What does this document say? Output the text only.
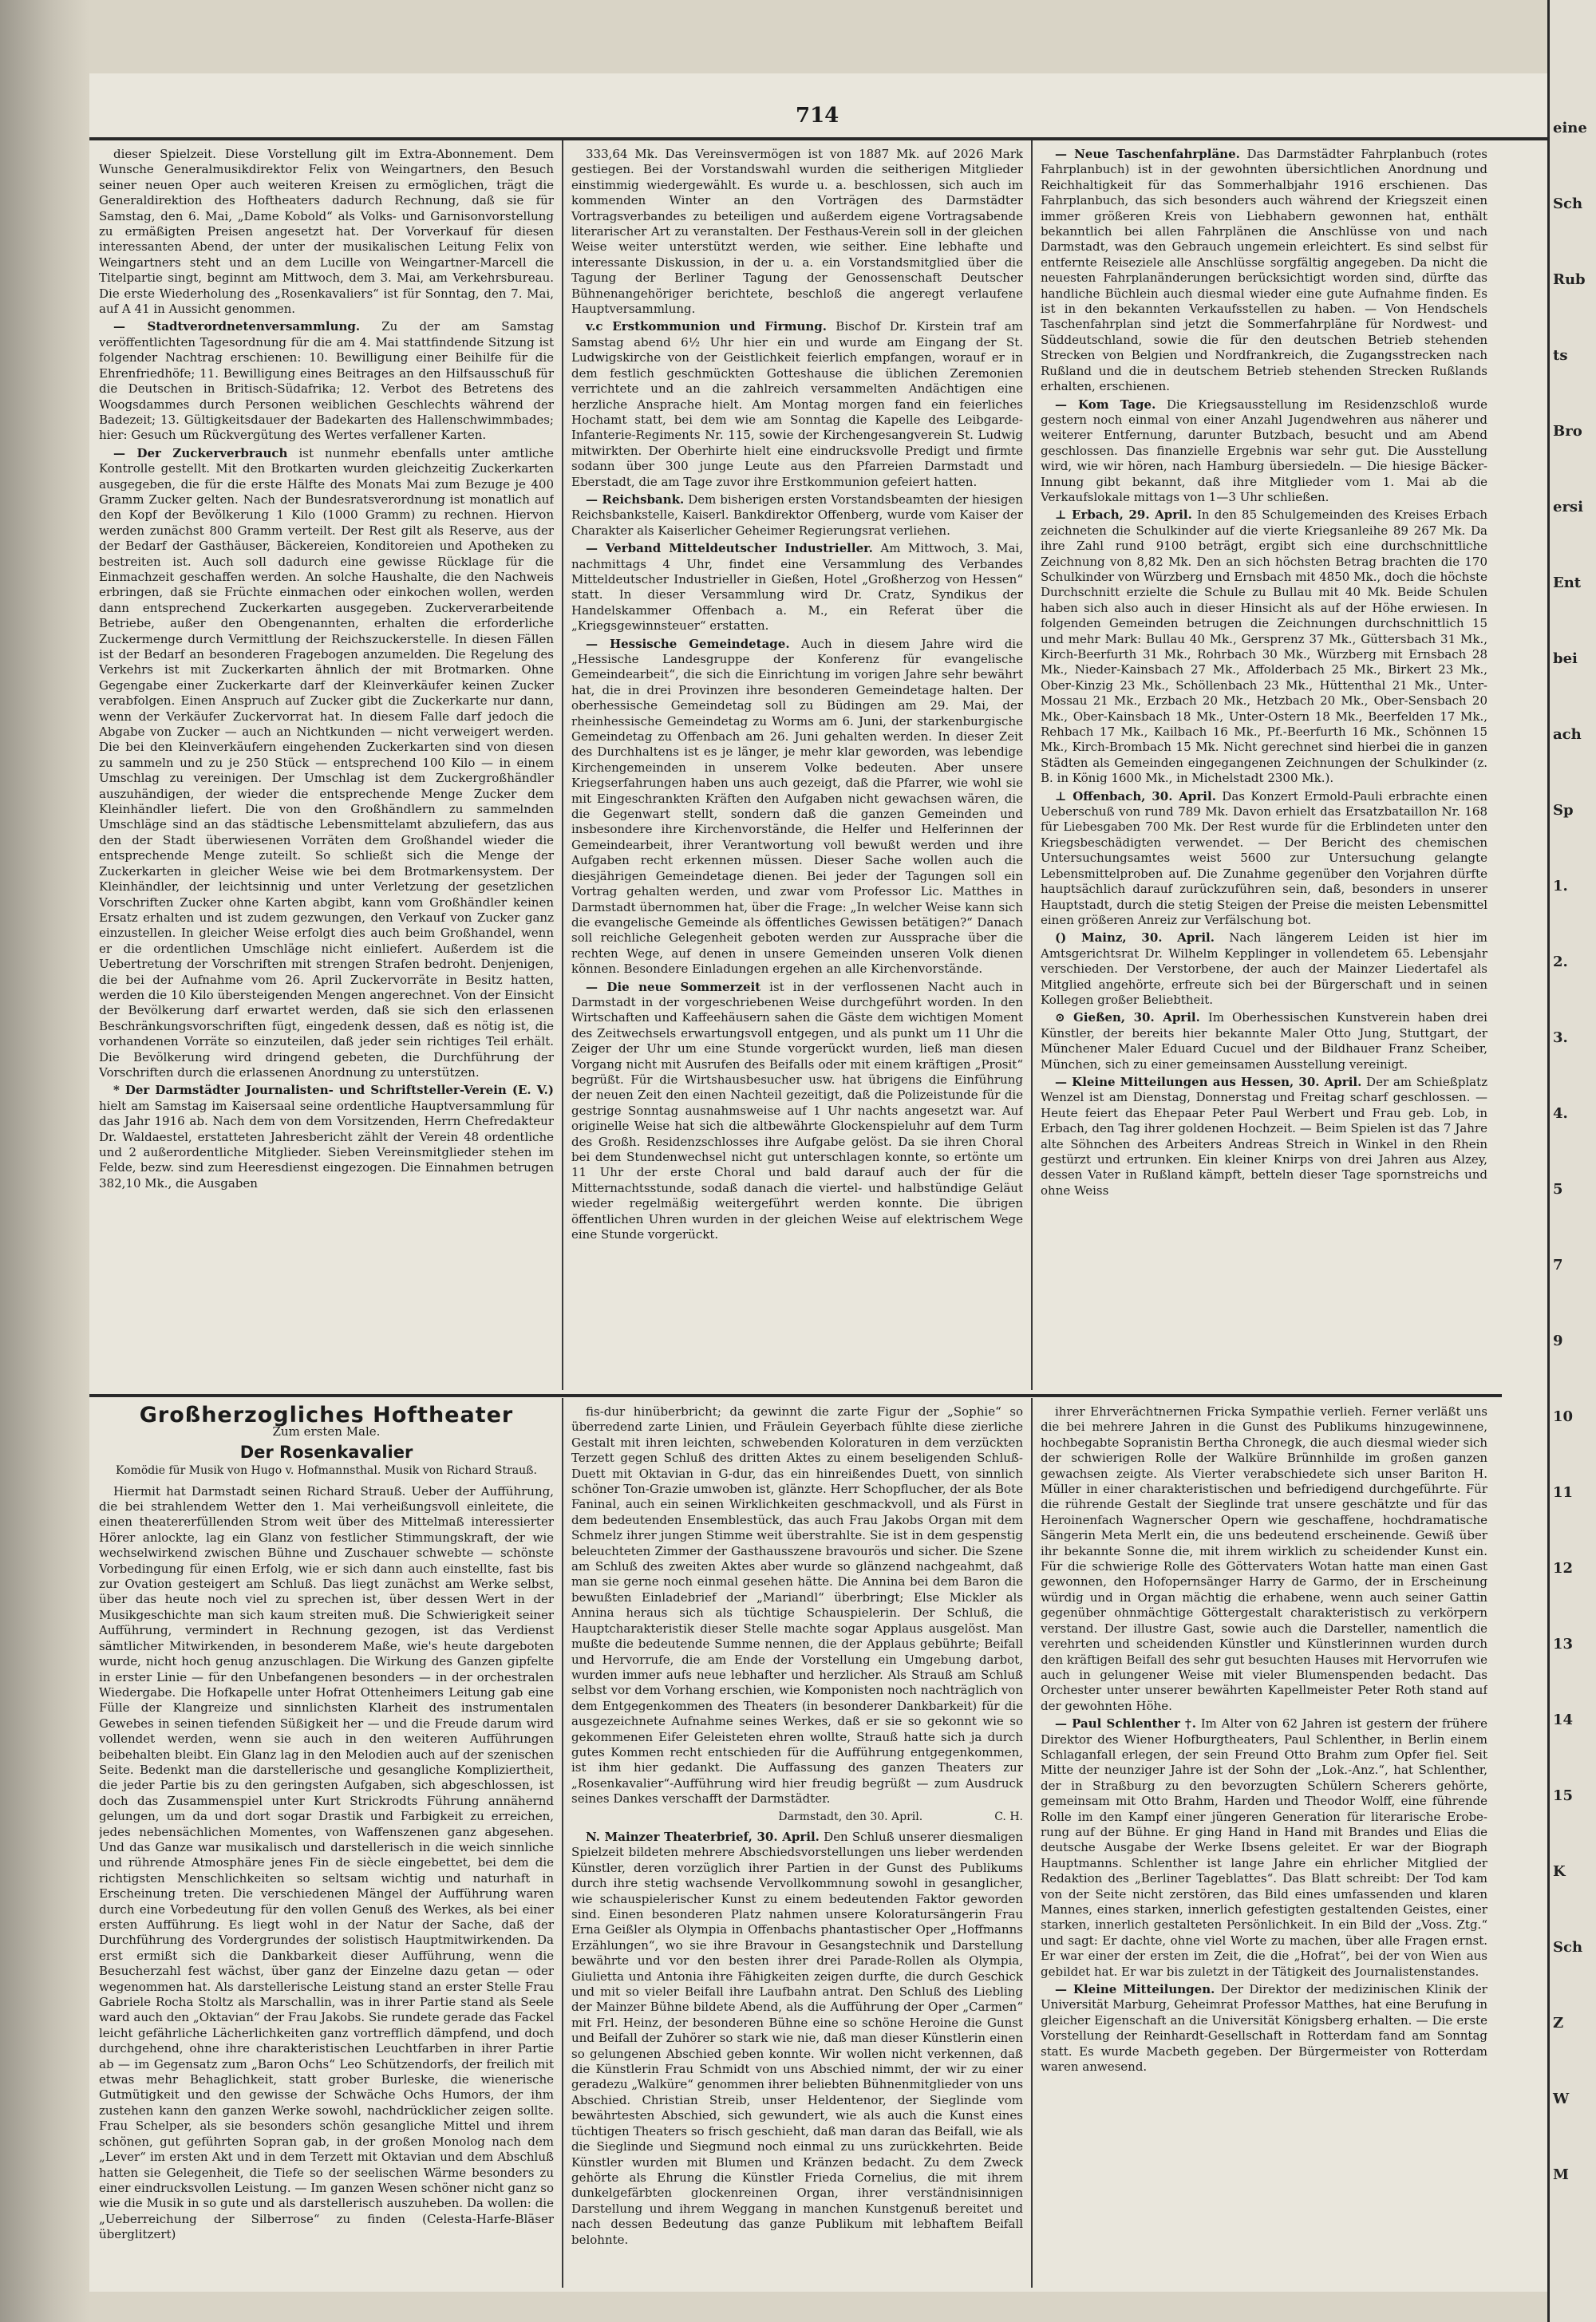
714

dieser Spielzeit. Diese Vorstellung gilt im Extra-Abonnement. Dem Wunsche Generalmusikdirektor Felix von Weingartners, den Besuch seiner neuen Oper auch weiteren Kreisen zu ermöglichen, trägt die Generaldirektion des Hoftheaters dadurch Rechnung, daß sie für Samstag, den 6. Mai, „Dame Kobold“ als Volks- und Garnisonvorstellung zu ermäßigten Preisen angesetzt hat. Der Vorverkauf für diesen interessanten Abend, der unter der musikalischen Leitung Felix von Weingartners steht und an dem Lucille von Weingartner-Marcell die Titelpartie singt, beginnt am Mittwoch, dem 3. Mai, am Verkehrsbureau. Die erste Wiederholung des „Rosenkavaliers“ ist für Sonntag, den 7. Mai, auf A 41 in Aussicht genommen.

— Stadtverordnetenversammlung. Zu der am Samstag veröffentlichten Tagesordnung für die am 4. Mai stattfindende Sitzung ist folgender Nachtrag erschienen: 10. Bewilligung einer Beihilfe für die Ehrenfriedhöfe; 11. Bewilligung eines Beitrages an den Hilfsausschuß für die Deutschen in Britisch-Südafrika; 12. Verbot des Betretens des Woogsdammes durch Personen weiblichen Geschlechts während der Badezeit; 13. Gültigkeitsdauer der Badekarten des Hallenschwimmbades; hier: Gesuch um Rückvergütung des Wertes verfallener Karten.

— Der Zuckerverbrauch ist nunmehr ebenfalls unter amtliche Kontrolle gestellt. Mit den Brotkarten wurden gleichzeitig Zuckerkarten ausgegeben, die für die erste Hälfte des Monats Mai zum Bezuge je 400 Gramm Zucker gelten. Nach der Bundesratsverordnung ist monatlich auf den Kopf der Bevölkerung 1 Kilo (1000 Gramm) zu rechnen. Hiervon werden zunächst 800 Gramm verteilt. Der Rest gilt als Reserve, aus der der Bedarf der Gasthäuser, Bäckereien, Konditoreien und Apotheken zu bestreiten ist. Auch soll dadurch eine gewisse Rücklage für die Einmachzeit geschaffen werden. An solche Haushalte, die den Nachweis erbringen, daß sie Früchte einmachen oder einkochen wollen, werden dann entsprechend Zuckerkarten ausgegeben. Zuckerverarbeitende Betriebe, außer den Obengenannten, erhalten die erforderliche Zuckermenge durch Vermittlung der Reichszuckerstelle. In diesen Fällen ist der Bedarf an besonderen Fragebogen anzumelden. Die Regelung des Verkehrs ist mit Zuckerkarten ähnlich der mit Brotmarken. Ohne Gegengabe einer Zuckerkarte darf der Kleinverkäufer keinen Zucker verabfolgen. Einen Anspruch auf Zucker gibt die Zuckerkarte nur dann, wenn der Verkäufer Zuckervorrat hat. In diesem Falle darf jedoch die Abgabe von Zucker — auch an Nichtkunden — nicht verweigert werden. Die bei den Kleinverkäufern eingehenden Zuckerkarten sind von diesen zu sammeln und zu je 250 Stück — entsprechend 100 Kilo — in einem Umschlag zu vereinigen. Der Umschlag ist dem Zuckergroßhändler auszuhändigen, der wieder die entsprechende Menge Zucker dem Kleinhändler liefert. Die von den Großhändlern zu sammelnden Umschläge sind an das städtische Lebensmittelamt abzuliefern, das aus den der Stadt überwiesenen Vorräten dem Großhandel wieder die entsprechende Menge zuteilt. So schließt sich die Menge der Zuckerkarten in gleicher Weise wie bei dem Brotmarkensystem. Der Kleinhändler, der leichtsinnig und unter Verletzung der gesetzlichen Vorschriften Zucker ohne Karten abgibt, kann vom Großhändler keinen Ersatz erhalten und ist zudem gezwungen, den Verkauf von Zucker ganz einzustellen. In gleicher Weise erfolgt dies auch beim Großhandel, wenn er die ordentlichen Umschläge nicht einliefert. Außerdem ist die Uebertretung der Vorschriften mit strengen Strafen bedroht. Denjenigen, die bei der Aufnahme vom 26. April Zuckervorräte in Besitz hatten, werden die 10 Kilo übersteigenden Mengen angerechnet. Von der Einsicht der Bevölkerung darf erwartet werden, daß sie sich den erlassenen Beschränkungsvorschriften fügt, eingedenk dessen, daß es nötig ist, die vorhandenen Vorräte so einzuteilen, daß jeder sein richtiges Teil erhält. Die Bevölkerung wird dringend gebeten, die Durchführung der Vorschriften durch die erlassenen Anordnung zu unterstützen.

* Der Darmstädter Journalisten- und Schriftsteller-Verein (E. V.) hielt am Samstag im Kaisersaal seine ordentliche Hauptversammlung für das Jahr 1916 ab. Nach dem von dem Vorsitzenden, Herrn Chefredakteur Dr. Waldaestel, erstatteten Jahresbericht zählt der Verein 48 ordentliche und 2 außerordentliche Mitglieder. Sieben Vereinsmitglieder stehen im Felde, bezw. sind zum Heeresdienst eingezogen. Die Einnahmen betrugen 382,10 Mk., die Ausgaben

333,64 Mk. Das Vereinsvermögen ist von 1887 Mk. auf 2026 Mark gestiegen. Bei der Vorstandswahl wurden die seitherigen Mitglieder einstimmig wiedergewählt. Es wurde u. a. beschlossen, sich auch im kommenden Winter an den Vorträgen des Darmstädter Vortragsverbandes zu beteiligen und außerdem eigene Vortragsabende literarischer Art zu veranstalten. Der Festhaus-Verein soll in der gleichen Weise weiter unterstützt werden, wie seither. Eine lebhafte und interessante Diskussion, in der u. a. ein Vorstandsmitglied über die Tagung der Berliner Tagung der Genossenschaft Deutscher Bühnenangehöriger berichtete, beschloß die angeregt verlaufene Hauptversammlung.

v.c Erstkommunion und Firmung. Bischof Dr. Kirstein traf am Samstag abend 6½ Uhr hier ein und wurde am Eingang der St. Ludwigskirche von der Geistlichkeit feierlich empfangen, worauf er in dem festlich geschmückten Gotteshause die üblichen Zeremonien verrichtete und an die zahlreich versammelten Andächtigen eine herzliche Ansprache hielt. Am Montag morgen fand ein feierliches Hochamt statt, bei dem wie am Sonntag die Kapelle des Leibgarde-Infanterie-Regiments Nr. 115, sowie der Kirchengesangverein St. Ludwig mitwirkten. Der Oberhirte hielt eine eindrucksvolle Predigt und firmte sodann über 300 junge Leute aus den Pfarreien Darmstadt und Eberstadt, die am Tage zuvor ihre Erstkommunion gefeiert hatten.

— Reichsbank. Dem bisherigen ersten Vorstandsbeamten der hiesigen Reichsbankstelle, Kaiserl. Bankdirektor Offenberg, wurde vom Kaiser der Charakter als Kaiserlicher Geheimer Regierungsrat verliehen.

— Verband Mitteldeutscher Industrieller. Am Mittwoch, 3. Mai, nachmittags 4 Uhr, findet eine Versammlung des Verbandes Mitteldeutscher Industrieller in Gießen, Hotel „Großherzog von Hessen“ statt. In dieser Versammlung wird Dr. Cratz, Syndikus der Handelskammer Offenbach a. M., ein Referat über die „Kriegsgewinnsteuer“ erstatten.

— Hessische Gemeindetage. Auch in diesem Jahre wird die „Hessische Landesgruppe der Konferenz für evangelische Gemeindearbeit“, die sich die Einrichtung im vorigen Jahre sehr bewährt hat, die in drei Provinzen ihre besonderen Gemeindetage halten. Der oberhessische Gemeindetag soll zu Büdingen am 29. Mai, der rheinhessische Gemeindetag zu Worms am 6. Juni, der starkenburgische Gemeindetag zu Offenbach am 26. Juni gehalten werden. In dieser Zeit des Durchhaltens ist es je länger, je mehr klar geworden, was lebendige Kirchengemeinden in unserem Volke bedeuten. Aber unsere Kriegserfahrungen haben uns auch gezeigt, daß die Pfarrer, wie wohl sie mit Eingeschrankten Kräften den Aufgaben nicht gewachsen wären, die die Gegenwart stellt, sondern daß die ganzen Gemeinden und insbesondere ihre Kirchenvorstände, die Helfer und Helferinnen der Gemeindearbeit, ihrer Verantwortung voll bewußt werden und ihre Aufgaben recht erkennen müssen. Dieser Sache wollen auch die diesjährigen Gemeindetage dienen. Bei jeder der Tagungen soll ein Vortrag gehalten werden, und zwar vom Professor Lic. Matthes in Darmstadt übernommen hat, über die Frage: „In welcher Weise kann sich die evangelische Gemeinde als öffentliches Gewissen betätigen?“ Danach soll reichliche Gelegenheit geboten werden zur Aussprache über die rechten Wege, auf denen in unsere Gemeinden unseren Volk dienen können. Besondere Einladungen ergehen an alle Kirchenvorstände.

— Die neue Sommerzeit ist in der verflossenen Nacht auch in Darmstadt in der vorgeschriebenen Weise durchgeführt worden. In den Wirtschaften und Kaffeehäusern sahen die Gäste dem wichtigen Moment des Zeitwechsels erwartungsvoll entgegen, und als punkt um 11 Uhr die Zeiger der Uhr um eine Stunde vorgerückt wurden, ließ man diesen Vorgang nicht mit Ausrufen des Beifalls oder mit einem kräftigen „Prosit“ begrüßt. Für die Wirtshausbesucher usw. hat übrigens die Einführung der neuen Zeit den einen Nachteil gezeitigt, daß die Polizeistunde für die gestrige Sonntag ausnahmsweise auf 1 Uhr nachts angesetzt war. Auf originelle Weise hat sich die altbewährte Glockenspieluhr auf dem Turm des Großh. Residenzschlosses ihre Aufgabe gelöst. Da sie ihren Choral bei dem Stundenwechsel nicht gut unterschlagen konnte, so ertönte um 11 Uhr der erste Choral und bald darauf auch der für die Mitternachtsstunde, sodaß danach die viertel- und halbstündige Geläut wieder regelmäßig weitergeführt werden konnte. Die übrigen öffentlichen Uhren wurden in der gleichen Weise auf elektrischem Wege eine Stunde vorgerückt.

— Neue Taschenfahrpläne. Das Darmstädter Fahrplanbuch (rotes Fahrplanbuch) ist in der gewohnten übersichtlichen Anordnung und Reichhaltigkeit für das Sommerhalbjahr 1916 erschienen. Das Fahrplanbuch, das sich besonders auch während der Kriegszeit einen immer größeren Kreis von Liebhabern gewonnen hat, enthält bekanntlich bei allen Fahrplänen die Anschlüsse von und nach Darmstadt, was den Gebrauch ungemein erleichtert. Es sind selbst für entfernte Reiseziele alle Anschlüsse sorgfältig angegeben. Da nicht die neuesten Fahrplanänderungen berücksichtigt worden sind, dürfte das handliche Büchlein auch diesmal wieder eine gute Aufnahme finden. Es ist in den bekannten Verkaufsstellen zu haben. — Von Hendschels Taschenfahrplan sind jetzt die Sommerfahrpläne für Nordwest- und Süddeutschland, sowie die für den deutschen Betrieb stehenden Strecken von Belgien und Nordfrankreich, die Zugangsstrecken nach Rußland und die in deutschem Betrieb stehenden Strecken Rußlands erhalten, erschienen.

— Kom Tage. Die Kriegsausstellung im Residenzschloß wurde gestern noch einmal von einer Anzahl Jugendwehren aus näherer und weiterer Entfernung, darunter Butzbach, besucht und am Abend geschlossen. Das finanzielle Ergebnis war sehr gut. Die Ausstellung wird, wie wir hören, nach Hamburg übersiedeln. — Die hiesige Bäcker-Innung gibt bekannt, daß ihre Mitglieder vom 1. Mai ab die Verkaufslokale mittags von 1—3 Uhr schließen.

⊥ Erbach, 29. April. In den 85 Schulgemeinden des Kreises Erbach zeichneten die Schulkinder auf die vierte Kriegsanleihe 89 267 Mk. Da ihre Zahl rund 9100 beträgt, ergibt sich eine durchschnittliche Zeichnung von 8,82 Mk. Den an sich höchsten Betrag brachten die 170 Schulkinder von Würzberg und Ernsbach mit 4850 Mk., doch die höchste Durchschnitt erzielte die Schule zu Bullau mit 40 Mk. Beide Schulen haben sich also auch in dieser Hinsicht als auf der Höhe erwiesen. In folgenden Gemeinden betrugen die Zeichnungen durchschnittlich 15 und mehr Mark: Bullau 40 Mk., Gersprenz 37 Mk., Güttersbach 31 Mk., Kirch-Beerfurth 31 Mk., Rohrbach 30 Mk., Würzberg mit Ernsbach 28 Mk., Nieder-Kainsbach 27 Mk., Affolderbach 25 Mk., Birkert 23 Mk., Ober-Kinzig 23 Mk., Schöllenbach 23 Mk., Hüttenthal 21 Mk., Unter-Mossau 21 Mk., Erzbach 20 Mk., Hetzbach 20 Mk., Ober-Sensbach 20 Mk., Ober-Kainsbach 18 Mk., Unter-Ostern 18 Mk., Beerfelden 17 Mk., Rehbach 17 Mk., Kailbach 16 Mk., Pf.-Beerfurth 16 Mk., Schönnen 15 Mk., Kirch-Brombach 15 Mk. Nicht gerechnet sind hierbei die in ganzen Städten als Gemeinden eingegangenen Zeichnungen der Schulkinder (z. B. in König 1600 Mk., in Michelstadt 2300 Mk.).

⊥ Offenbach, 30. April. Das Konzert Ermold-Pauli erbrachte einen Ueberschuß von rund 789 Mk. Davon erhielt das Ersatzbataillon Nr. 168 für Liebesgaben 700 Mk. Der Rest wurde für die Erblindeten unter den Kriegsbeschädigten verwendet. — Der Bericht des chemischen Untersuchungsamtes weist 5600 zur Untersuchung gelangte Lebensmittelproben auf. Die Zunahme gegenüber den Vorjahren dürfte hauptsächlich darauf zurückzuführen sein, daß, besonders in unserer Hauptstadt, durch die stetig Steigen der Preise die meisten Lebensmittel einen größeren Anreiz zur Verfälschung bot.

() Mainz, 30. April. Nach längerem Leiden ist hier im Amtsgerichtsrat Dr. Wilhelm Kepplinger in vollendetem 65. Lebensjahr verschieden. Der Verstorbene, der auch der Mainzer Liedertafel als Mitglied angehörte, erfreute sich bei der Bürgerschaft und in seinen Kollegen großer Beliebtheit.

⊙ Gießen, 30. April. Im Oberhessischen Kunstverein haben drei Künstler, der bereits hier bekannte Maler Otto Jung, Stuttgart, der Münchener Maler Eduard Cucuel und der Bildhauer Franz Scheiber, München, sich zu einer gemeinsamen Ausstellung vereinigt.

— Kleine Mitteilungen aus Hessen, 30. April. Der am Schießplatz Wenzel ist am Dienstag, Donnerstag und Freitag scharf geschlossen. — Heute feiert das Ehepaar Peter Paul Werbert und Frau geb. Lob, in Erbach, den Tag ihrer goldenen Hochzeit. — Beim Spielen ist das 7 Jahre alte Söhnchen des Arbeiters Andreas Streich in Winkel in den Rhein gestürzt und ertrunken. Ein kleiner Knirps von drei Jahren aus Alzey, dessen Vater in Rußland kämpft, betteln dieser Tage spornstreichs und ohne Weiss

Großherzogliches Hoftheater
Zum ersten Male.
Der Rosenkavalier
Komödie für Musik von Hugo v. Hofmannsthal. Musik von Richard Strauß.

Hiermit hat Darmstadt seinen Richard Strauß. Ueber der Aufführung, die bei strahlendem Wetter den 1. Mai verheißungsvoll einleitete, die einen theatererfüllenden Strom weit über des Mittelmaß interessierter Hörer anlockte, lag ein Glanz von festlicher Stimmungskraft, der wie wechselwirkend zwischen Bühne und Zuschauer schwebte — schönste Vorbedingung für einen Erfolg, wie er sich dann auch einstellte, fast bis zur Ovation gesteigert am Schluß. Das liegt zunächst am Werke selbst, über das heute noch viel zu sprechen ist, über dessen Wert in der Musikgeschichte man sich kaum streiten muß. Die Schwierigkeit seiner Aufführung, vermindert in Rechnung gezogen, ist das Verdienst sämtlicher Mitwirkenden, in besonderem Maße, wie's heute dargeboten wurde, nicht hoch genug anzuschlagen. Die Wirkung des Ganzen gipfelte in erster Linie — für den Unbefangenen besonders — in der orchestralen Wiedergabe. Die Hofkapelle unter Hofrat Ottenheimers Leitung gab eine Fülle der Klangreize und sinnlichsten Klarheit des instrumentalen Gewebes in seinen tiefenden Süßigkeit her — und die Freude darum wird vollendet werden, wenn sie auch in den weiteren Aufführungen beibehalten bleibt. Ein Glanz lag in den Melodien auch auf der szenischen Seite. Bedenkt man die darstellerische und gesangliche Kompliziertheit, die jeder Partie bis zu den geringsten Aufgaben, sich abgeschlossen, ist doch das Zusammenspiel unter Kurt Strickrodts Führung annähernd gelungen, um da und dort sogar Drastik und Farbigkeit zu erreichen, jedes nebensächlichen Momentes, von Waffenszenen ganz abgesehen. Und das Ganze war musikalisch und darstellerisch in die weich sinnliche und rührende Atmosphäre jenes Fin de siècle eingebettet, bei dem die richtigsten Menschlichkeiten so seltsam wichtig und naturhaft in Erscheinung treten. Die verschiedenen Mängel der Aufführung waren durch eine Vorbedeutung für den vollen Genuß des Werkes, als bei einer ersten Aufführung. Es liegt wohl in der Natur der Sache, daß der Durchführung des Vordergrundes der solistisch Hauptmitwirkenden. Da erst ermißt sich die Dankbarkeit dieser Aufführung, wenn die Besucherzahl fest wächst, über ganz der Einzelne dazu getan — oder wegenommen hat. Als darstellerische Leistung stand an erster Stelle Frau Gabriele Rocha Stoltz als Marschallin, was in ihrer Partie stand als Seele ward auch den „Oktavian“ der Frau Jakobs. Sie rundete gerade das Fackel leicht gefährliche Lächerlichkeiten ganz vortrefflich dämpfend, und doch durchgehend, ohne ihre charakteristischen Leuchtfarben in ihrer Partie ab — im Gegensatz zum „Baron Ochs“ Leo Schützendorfs, der freilich mit etwas mehr Behaglichkeit, statt grober Burleske, die wienerische Gutmütigkeit und den gewisse der Schwäche Ochs Humors, der ihm zustehen kann den ganzen Werke sowohl, nachdrücklicher zeigen sollte. Frau Schelper, als sie besonders schön gesangliche Mittel und ihrem schönen, gut geführten Sopran gab, in der großen Monolog nach dem „Lever“ im ersten Akt und in dem Terzett mit Oktavian und dem Abschluß hatten sie Gelegenheit, die Tiefe so der seelischen Wärme besonders zu einer eindrucksvollen Leistung. — Im ganzen Wesen schöner nicht ganz so wie die Musik in so gute und als darstellerisch auszuheben. Da wollen: die „Ueberreichung der Silberrose“ zu finden (Celesta-Harfe-Bläser überglitzert)

fis-dur hinüberbricht; da gewinnt die zarte Figur der „Sophie“ so überredend zarte Linien, und Fräulein Geyerbach fühlte diese zierliche Gestalt mit ihren leichten, schwebenden Koloraturen in dem verzückten Terzett gegen Schluß des dritten Aktes zu einem beseligenden Schluß-Duett mit Oktavian in G-dur, das ein hinreißendes Duett, von sinnlich schöner Ton-Grazie umwoben ist, glänzte. Herr Schopflucher, der als Bote Faninal, auch ein seinen Wirklichkeiten geschmackvoll, und als Fürst in dem bedeutenden Ensemblestück, das auch Frau Jakobs Organ mit dem Schmelz ihrer jungen Stimme weit überstrahlte. Sie ist in dem gespenstig beleuchteten Zimmer der Gasthausszene bravourös und sicher. Die Szene am Schluß des zweiten Aktes aber wurde so glänzend nachgeahmt, daß man sie gerne noch einmal gesehen hätte. Die Annina bei dem Baron die bewußten Einladebrief der „Mariandl“ überbringt; Else Mickler als Annina heraus sich als tüchtige Schauspielerin. Der Schluß, die Hauptcharakteristik dieser Stelle machte sogar Applaus ausgelöst. Man mußte die bedeutende Summe nennen, die der Applaus gebührte; Beifall und Hervorrufe, die am Ende der Vorstellung ein Umgebung darbot, wurden immer aufs neue lebhafter und herzlicher. Als Strauß am Schluß selbst vor dem Vorhang erschien, wie Komponisten noch nachträglich von dem Entgegenkommen des Theaters (in besonderer Dankbarkeit) für die ausgezeichnete Aufnahme seines Werkes, daß er sie so gekonnt wie so gekommenen Eifer Geleisteten ehren wollte, Strauß hatte sich ja durch gutes Kommen recht entschieden für die Aufführung entgegenkommen, ist ihm hier gedankt. Die Auffassung des ganzen Theaters zur „Rosenkavalier“-Aufführung wird hier freudig begrüßt — zum Ausdruck seines Dankes verschafft der Darmstädter.

Darmstadt, den 30. April.	C. H.

N. Mainzer Theaterbrief, 30. April. Den Schluß unserer diesmaligen Spielzeit bildeten mehrere Abschiedsvorstellungen uns lieber werdenden Künstler, deren vorzüglich ihrer Partien in der Gunst des Publikums durch ihre stetig wachsende Vervollkommnung sowohl in gesanglicher, wie schauspielerischer Kunst zu einem bedeutenden Faktor geworden sind. Einen besonderen Platz nahmen unsere Koloratursängerin Frau Erna Geißler als Olympia in Offenbachs phantastischer Oper „Hoffmanns Erzählungen“, wo sie ihre Bravour in Gesangstechnik und Darstellung bewährte und vor den besten ihrer drei Parade-Rollen als Olympia, Giulietta und Antonia ihre Fähigkeiten zeigen durfte, die durch Geschick und mit so vieler Beifall ihre Laufbahn antrat. Den Schluß des Liebling der Mainzer Bühne bildete Abend, als die Aufführung der Oper „Carmen“ mit Frl. Heinz, der besonderen Bühne eine so schöne Heroine die Gunst und Beifall der Zuhörer so stark wie nie, daß man dieser Künstlerin einen so gelungenen Abschied geben konnte. Wir wollen nicht verkennen, daß die Künstlerin Frau Schmidt von uns Abschied nimmt, der wir zu einer geradezu „Walküre“ genommen ihrer beliebten Bühnenmitglieder von uns Abschied. Christian Streib, unser Heldentenor, der Sieglinde vom bewährtesten Abschied, sich gewundert, wie als auch die Kunst eines tüchtigen Theaters so frisch geschieht, daß man daran das Beifall, wie als die Sieglinde und Siegmund noch einmal zu uns zurückkehrten. Beide Künstler wurden mit Blumen und Kränzen bedacht. Zu dem Zweck gehörte als Ehrung die Künstler Frieda Cornelius, die mit ihrem dunkelgefärbten glockenreinen Organ, ihrer verständnisinnigen Darstellung und ihrem Weggang in manchen Kunstgenuß bereitet und nach dessen Bedeutung das ganze Publikum mit lebhaftem Beifall belohnte.

ihrer Ehrverächtnernen Fricka Sympathie verlieh. Ferner verläßt uns die bei mehrere Jahren in die Gunst des Publikums hinzugewinnene, hochbegabte Sopranistin Bertha Chronegk, die auch diesmal wieder sich der schwierigen Rolle der Walküre Brünnhilde im großen ganzen gewachsen zeigte. Als Vierter verabschiedete sich unser Bariton H. Müller in einer charakteristischen und befriedigend durchgeführte. Für die rührende Gestalt der Sieglinde trat unsere geschätzte und für das Heroinenfach Wagnerscher Opern wie geschaffene, hochdramatische Sängerin Meta Merlt ein, die uns bedeutend erscheinende. Gewiß über ihr bekannte Sonne die, mit ihrem wirklich zu scheidender Kunst ein. Für die schwierige Rolle des Göttervaters Wotan hatte man einen Gast gewonnen, den Hofopernsänger Harry de Garmo, der in Erscheinung würdig und in Organ mächtig die erhabene, wenn auch seiner Gattin gegenüber ohnmächtige Göttergestalt charakteristisch zu verkörpern verstand. Der illustre Gast, sowie auch die Darsteller, namentlich die verehrten und scheidenden Künstler und Künstlerinnen wurden durch den kräftigen Beifall des sehr gut besuchten Hauses mit Hervorrufen wie auch in gelungener Weise mit vieler Blumenspenden bedacht. Das Orchester unter unserer bewährten Kapellmeister Peter Roth stand auf der gewohnten Höhe.

— Paul Schlenther †. Im Alter von 62 Jahren ist gestern der frühere Direktor des Wiener Hofburgtheaters, Paul Schlenther, in Berlin einem Schlaganfall erlegen, der sein Freund Otto Brahm zum Opfer fiel. Seit Mitte der neunziger Jahre ist der Sohn der „Lok.-Anz.“, hat Schlenther, der in Straßburg zu den bevorzugten Schülern Scherers gehörte, gemeinsam mit Otto Brahm, Harden und Theodor Wolff, eine führende Rolle im den Kampf einer jüngeren Generation für literarische Erobe-rung auf der Bühne. Er ging Hand in Hand mit Brandes und Elias die deutsche Ausgabe der Werke Ibsens geleitet. Er war der Biograph Hauptmanns. Schlenther ist lange Jahre ein ehrlicher Mitglied der Redaktion des „Berliner Tageblattes“. Das Blatt schreibt: Der Tod kam von der Seite nicht zerstören, das Bild eines umfassenden und klaren Mannes, eines starken, innerlich gefestigten gestaltenden Geistes, einer starken, innerlich gestalteten Persönlichkeit. In ein Bild der „Voss. Ztg.“ und sagt: Er dachte, ohne viel Worte zu machen, über alle Fragen ernst. Er war einer der ersten im Zeit, die die „Hofrat“, bei der von Wien aus gebildet hat. Er war bis zuletzt in der Tätigkeit des Journalistenstandes.

— Kleine Mitteilungen. Der Direktor der medizinischen Klinik der Universität Marburg, Geheimrat Professor Matthes, hat eine Berufung in gleicher Eigenschaft an die Universität Königsberg erhalten. — Die erste Vorstellung der Reinhardt-Gesellschaft in Rotterdam fand am Sonntag statt. Es wurde Macbeth gegeben. Der Bürgermeister von Rotterdam waren anwesend.

eine
Sch
Rub
ts
Bro
ersi
Ent
bei
ach
Sp
1.
2.
3.
4.
5
7
9
10
11
12
13
14
15
K
Sch
Z
W
M
